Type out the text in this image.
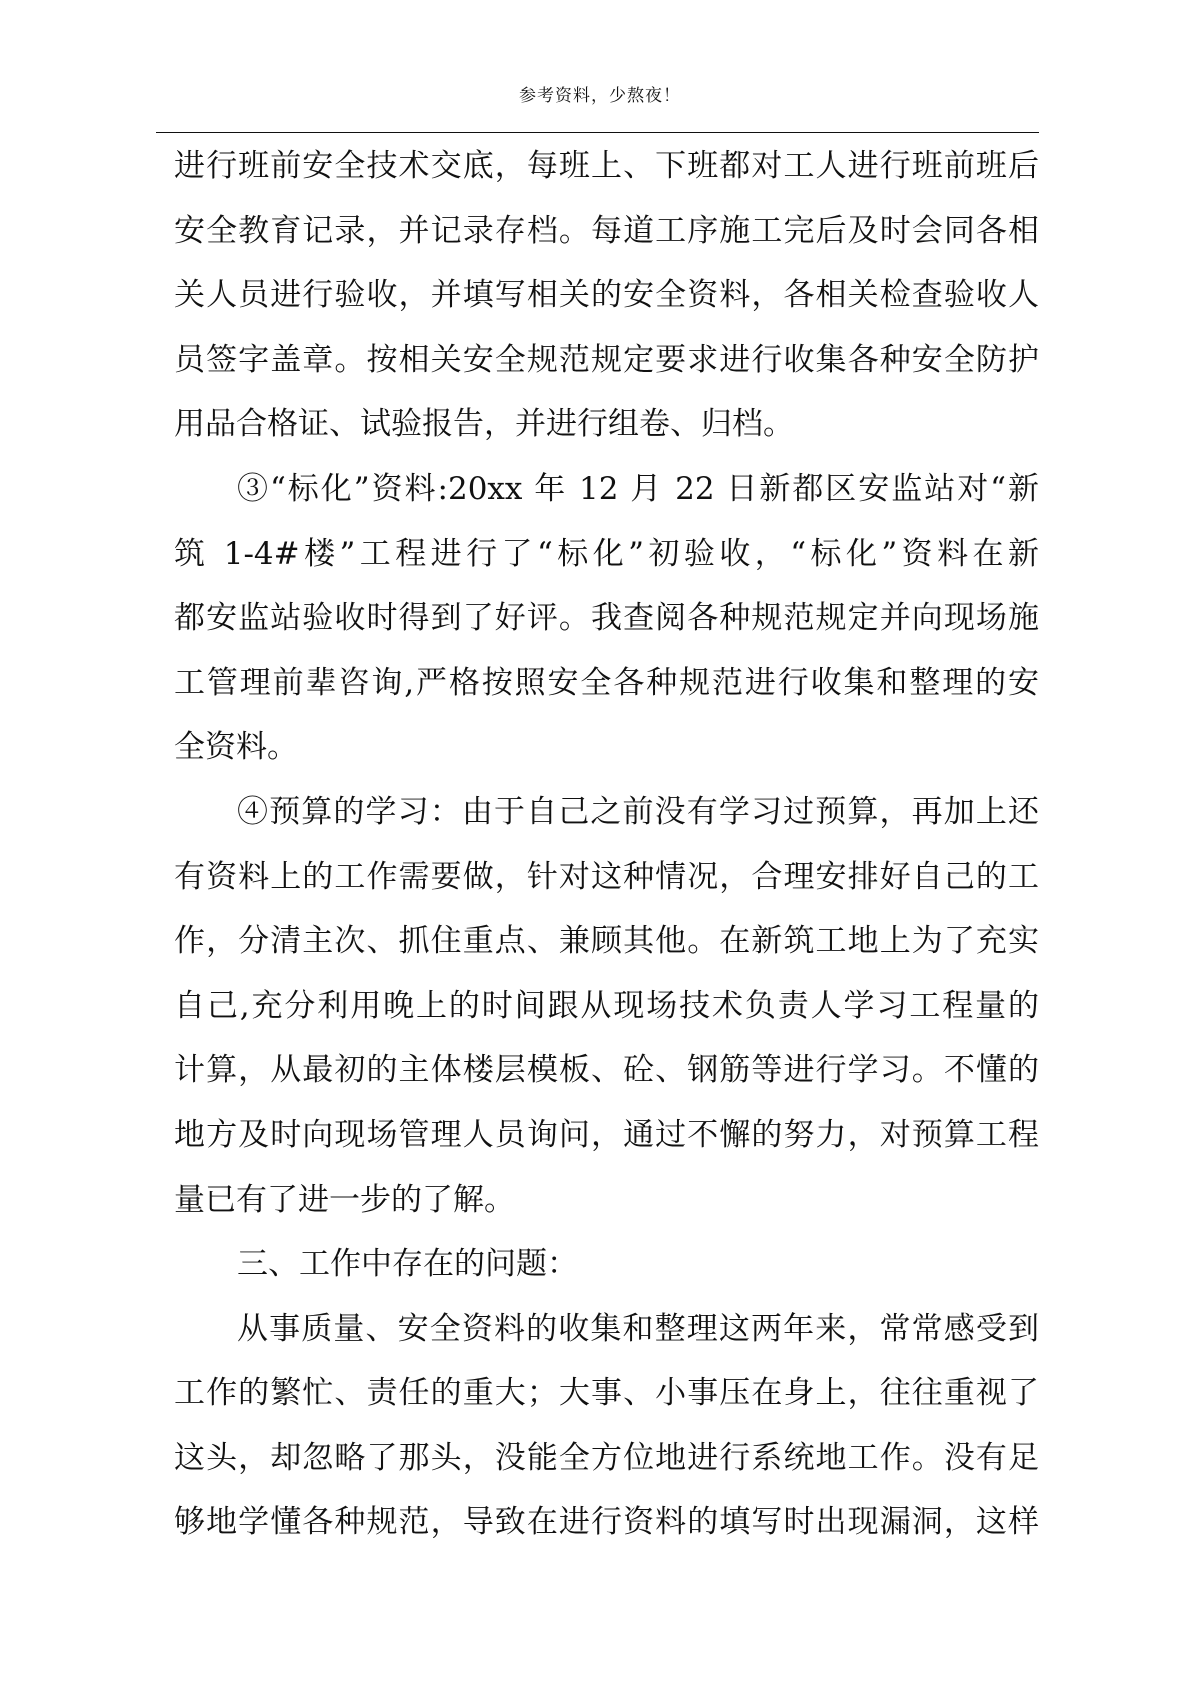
参考资料，少熬夜！
进行班前安全技术交底，每班上、下班都对工人进行班前班后
安全教育记录，并记录存档。每道工序施工完后及时会同各相
关人员进行验收，并填写相关的安全资料，各相关检查验收人
员签字盖章。按相关安全规范规定要求进行收集各种安全防护
用品合格证、试验报告，并进行组卷、归档。
③“标化”资料:20xx 年 12 月 22 日新都区安监站对“新
筑 1-4#楼”工程进行了“标化”初验收，“标化”资料在新
都安监站验收时得到了好评。我查阅各种规范规定并向现场施
工管理前辈咨询,严格按照安全各种规范进行收集和整理的安
全资料。
④预算的学习：由于自己之前没有学习过预算，再加上还
有资料上的工作需要做，针对这种情况，合理安排好自己的工
作，分清主次、抓住重点、兼顾其他。在新筑工地上为了充实
自己,充分利用晚上的时间跟从现场技术负责人学习工程量的
计算，从最初的主体楼层模板、砼、钢筋等进行学习。不懂的
地方及时向现场管理人员询问，通过不懈的努力，对预算工程
量已有了进一步的了解。
三、工作中存在的问题：
从事质量、安全资料的收集和整理这两年来，常常感受到
工作的繁忙、责任的重大；大事、小事压在身上，往往重视了
这头，却忽略了那头，没能全方位地进行系统地工作。没有足
够地学懂各种规范，导致在进行资料的填写时出现漏洞，这样
